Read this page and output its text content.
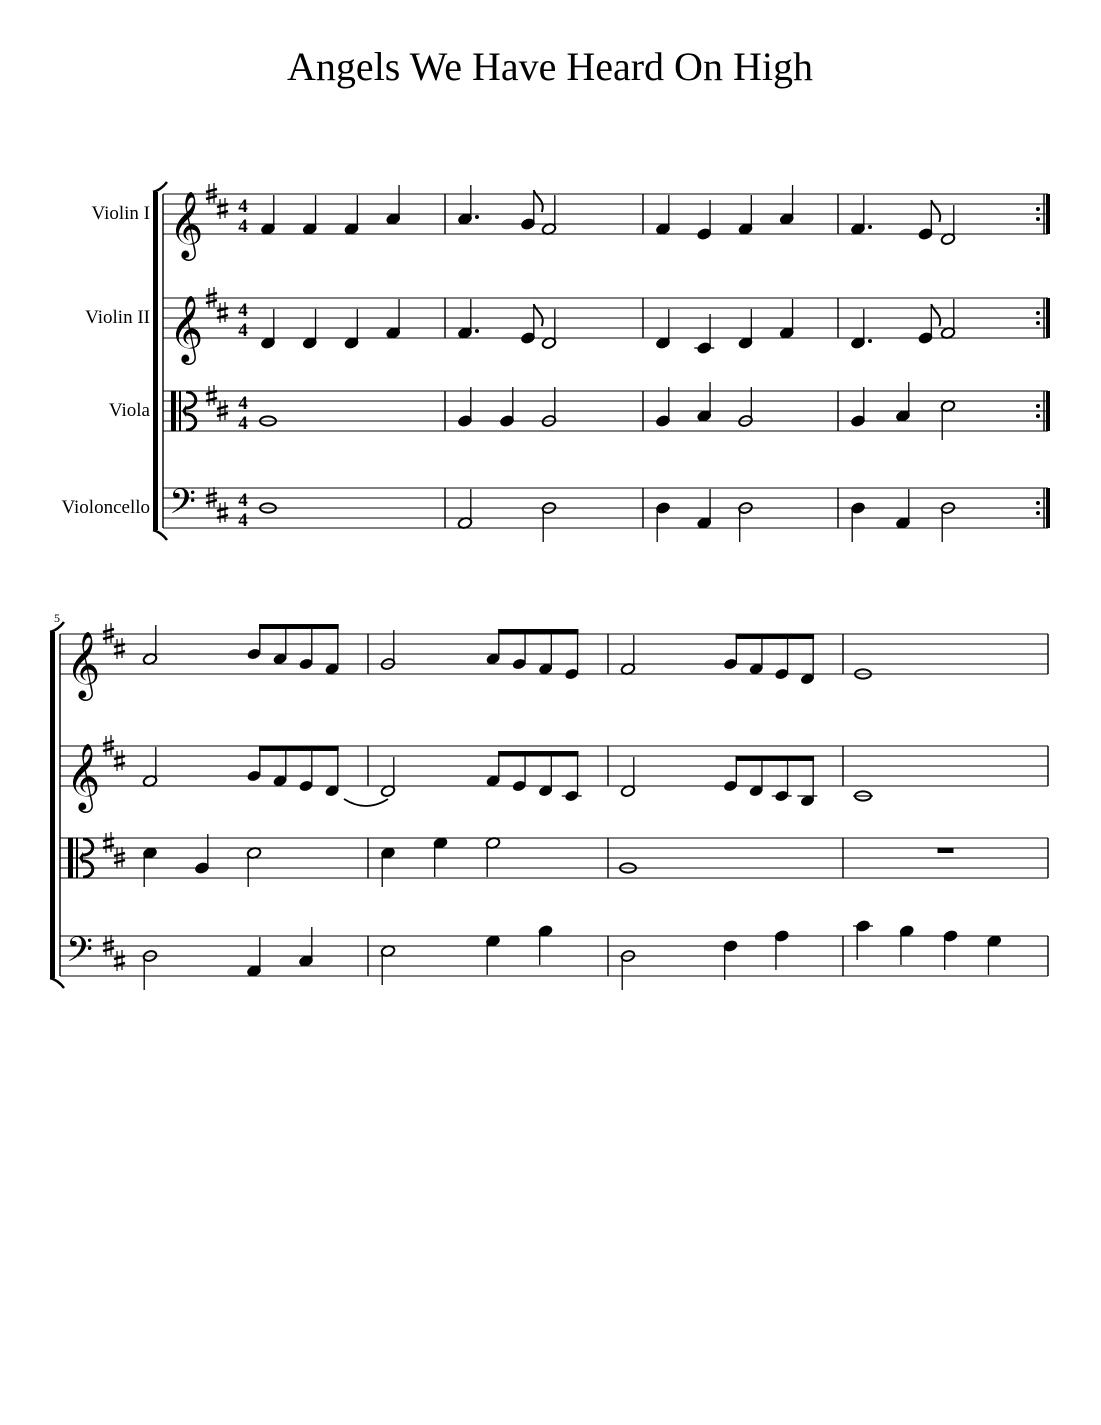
Angels We Have Heard On High
Violin I 𝄞 4
4
Violin II 𝄞 4
4
Viola	4
4
Violoncello 𝄢 4
4
𝄞
𝄞
𝄢
5
